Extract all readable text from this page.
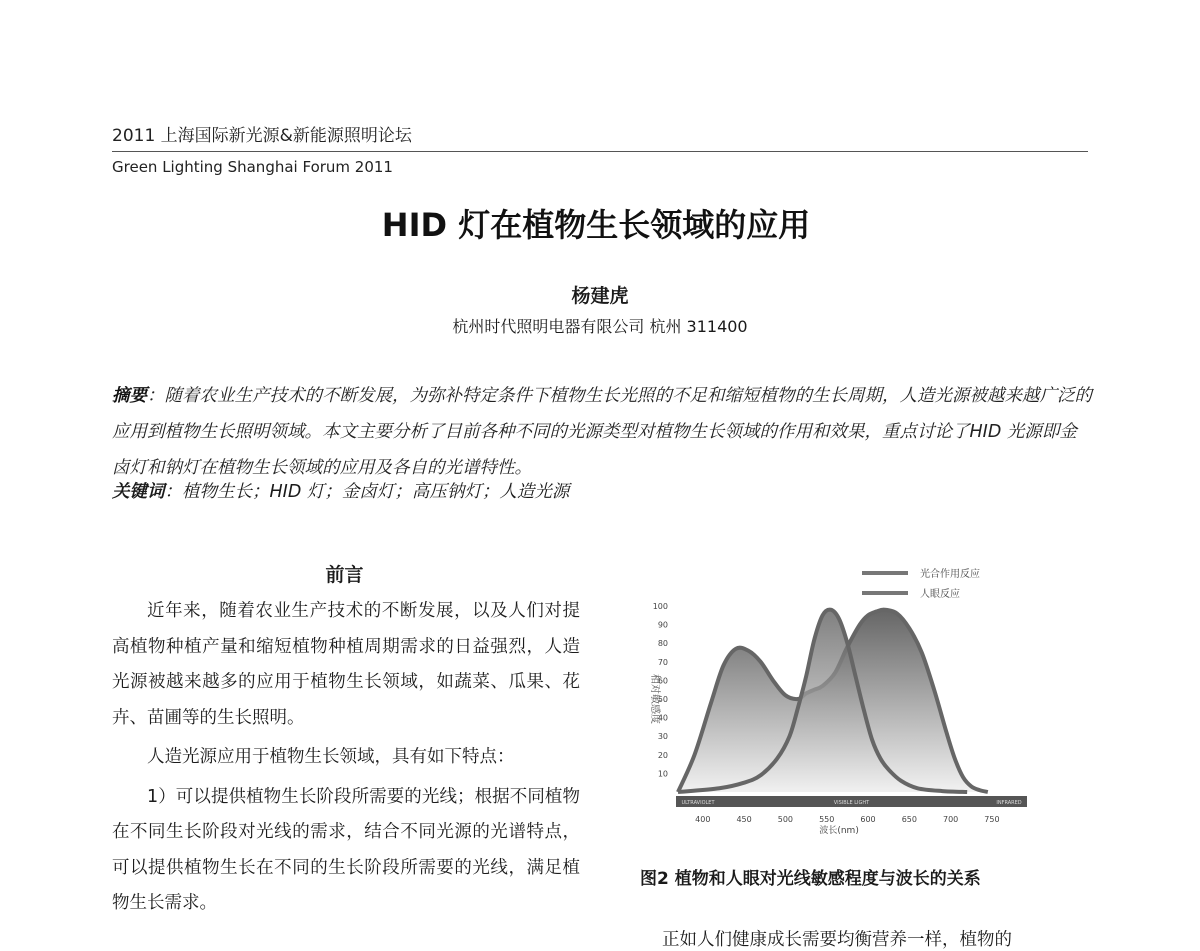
2011 上海国际新光源&新能源照明论坛
Green Lighting Shanghai Forum 2011
HID 灯在植物生长领域的应用
杨建虎
杭州时代照明电器有限公司 杭州 311400
摘要：随着农业生产技术的不断发展，为弥补特定条件下植物生长光照的不足和缩短植物的生长周期，人造光源被越来越广泛的应用到植物生长照明领域。本文主要分析了目前各种不同的光源类型对植物生长领域的作用和效果，重点讨论了HID 光源即金卤灯和钠灯在植物生长领域的应用及各自的光谱特性。
关键词：植物生长；HID 灯；金卤灯；高压钠灯；人造光源
前言

近年来，随着农业生产技术的不断发展，以及人们对提高植物种植产量和缩短植物种植周期需求的日益强烈，人造光源被越来越多的应用于植物生长领域，如蔬菜、瓜果、花卉、苗圃等的生长照明。

人造光源应用于植物生长领域，具有如下特点：

1）可以提供植物生长阶段所需要的光线；根据不同植物在不同生长阶段对光线的需求，结合不同光源的光谱特点，可以提供植物生长在不同的生长阶段所需要的光线，满足植物生长需求。

10
20
30
40
50
60
70
80
90
100
相对敏感度
ULTRAVIOLET	VISIBLE LIGHT	INFRARED
400	450	500	550	600	650	700	750
波长(nm)
光合作用反应
人眼反应
图2 植物和人眼对光线敏感程度与波长的关系
正如人们健康成长需要均衡营养一样，植物的
